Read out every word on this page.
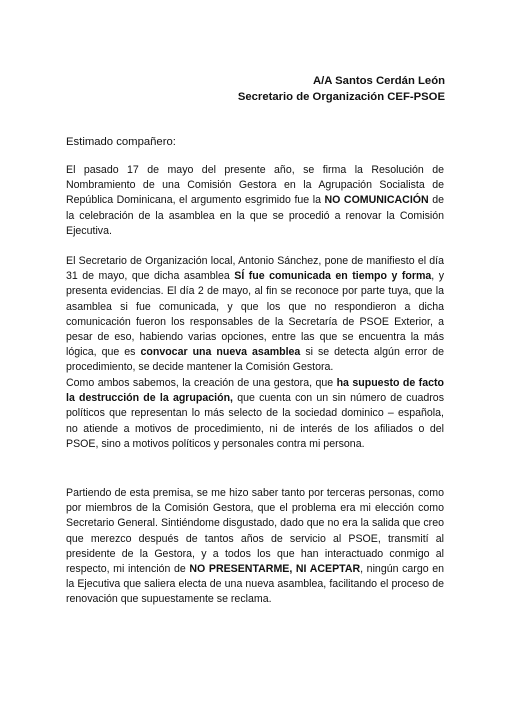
A/A Santos Cerdán León
Secretario de Organización CEF-PSOE
Estimado compañero:

El pasado 17 de mayo del presente año, se firma la Resolución de Nombramiento de una Comisión Gestora en la Agrupación Socialista de República Dominicana, el argumento esgrimido fue la NO COMUNICACIÓN de la celebración de la asamblea en la que se procedió a renovar la Comisión Ejecutiva.

El Secretario de Organización local, Antonio Sánchez, pone de manifiesto el día 31 de mayo, que dicha asamblea SÍ fue comunicada en tiempo y forma, y presenta evidencias. El día 2 de mayo, al fin se reconoce por parte tuya, que la asamblea si fue comunicada, y que los que no respondieron a dicha comunicación fueron los responsables de la Secretaría de PSOE Exterior, a pesar de eso, habiendo varias opciones, entre las que se encuentra la más lógica, que es convocar una nueva asamblea si se detecta algún error de procedimiento, se decide mantener la Comisión Gestora.

Como ambos sabemos, la creación de una gestora, que ha supuesto de facto la destrucción de la agrupación, que cuenta con un sin número de cuadros políticos que representan lo más selecto de la sociedad dominico – española, no atiende a motivos de procedimiento, ni de interés de los afiliados o del PSOE, sino a motivos políticos y personales contra mi persona.

Partiendo de esta premisa, se me hizo saber tanto por terceras personas, como por miembros de la Comisión Gestora, que el problema era mi elección como Secretario General. Sintiéndome disgustado, dado que no era la salida que creo que merezco después de tantos años de servicio al PSOE, transmití al presidente de la Gestora, y a todos los que han interactuado conmigo al respecto, mi intención de NO PRESENTARME, NI ACEPTAR, ningún cargo en la Ejecutiva que saliera electa de una nueva asamblea, facilitando el proceso de renovación que supuestamente se reclama.
